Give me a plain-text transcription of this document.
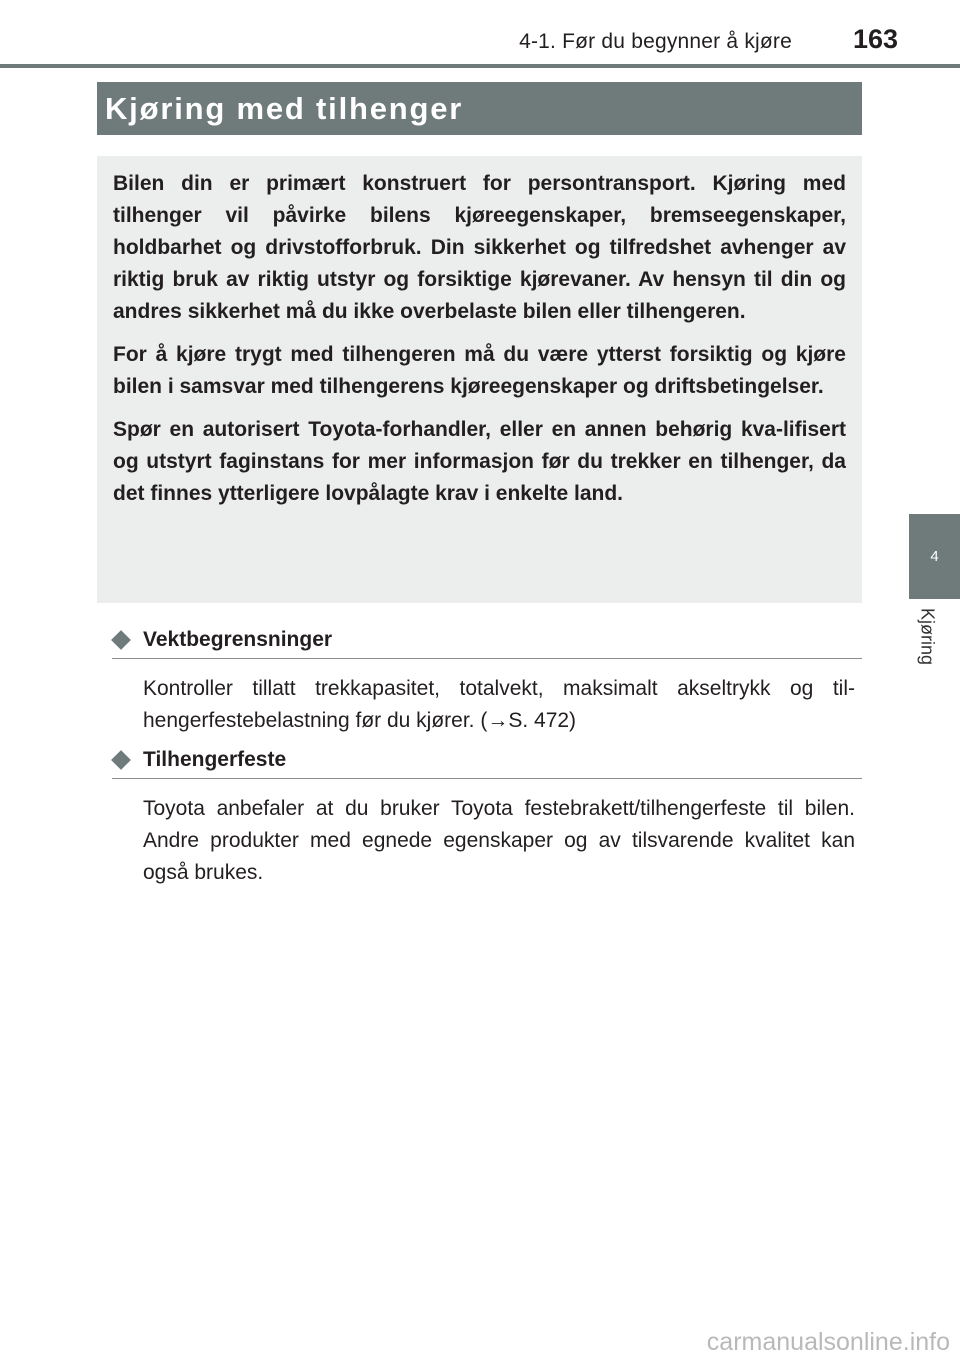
4-1. Før du begynner å kjøre	163
4
Kjøring
Kjøring med tilhenger

Bilen din er primært konstruert for persontransport. Kjøring med tilhenger vil påvirke bilens kjøreegenskaper, bremseegenskaper, holdbarhet og drivstofforbruk. Din sikkerhet og tilfredshet avhenger av riktig bruk av riktig utstyr og forsiktige kjørevaner. Av hensyn til din og andres sikkerhet må du ikke overbelaste bilen eller tilhengeren.

For å kjøre trygt med tilhengeren må du være ytterst forsiktig og kjøre bilen i samsvar med tilhengerens kjøreegenskaper og driftsbetingelser.

Spør en autorisert Toyota-forhandler, eller en annen behørig kva-lifisert og utstyrt faginstans for mer informasjon før du trekker en tilhenger, da det finnes ytterligere lovpålagte krav i enkelte land.

Vektbegrensninger
Kontroller tillatt trekkapasitet, totalvekt, maksimalt akseltrykk og til-hengerfestebelastning før du kjører. (→S. 472)
Tilhengerfeste
Toyota anbefaler at du bruker Toyota festebrakett/tilhengerfeste til bilen. Andre produkter med egnede egenskaper og av tilsvarende kvalitet kan også brukes.
carmanualsonline.info
